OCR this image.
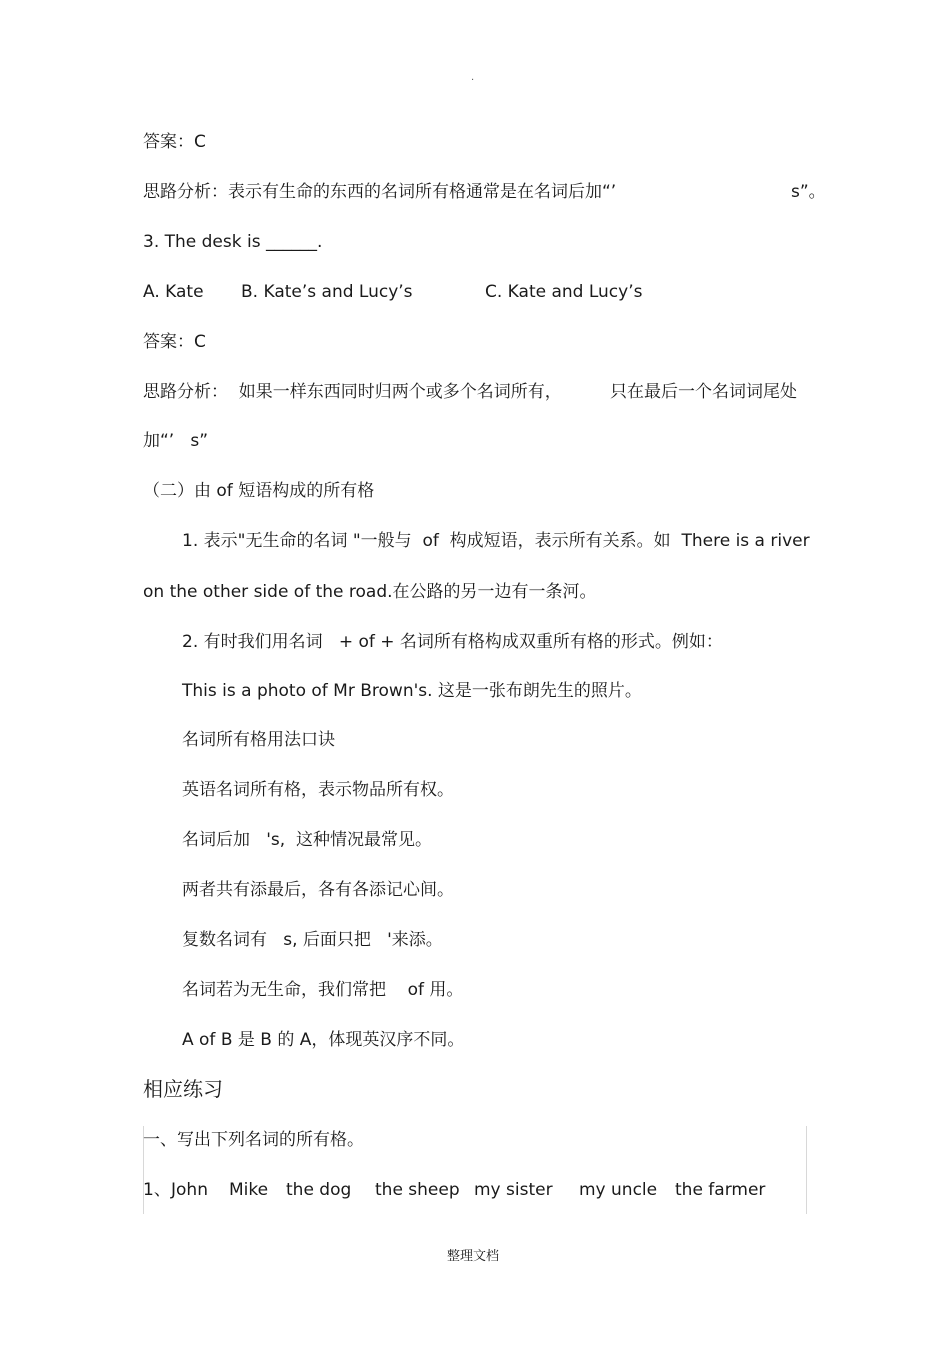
.
答案：C
思路分析：表示有生命的东西的名词所有格通常是在名词后加“’	s”。
3. The desk is ______.
A. Kate B. Kate’s and Lucy’s	C. Kate and Lucy’s
答案：C
思路分析：  如果一样东西同时归两个或多个名词所有，	只在最后一个名词词尾处
加“’   s”
（二）由 of 短语构成的所有格
1. 表示"无生命的名词 "一般与  of  构成短语，表示所有关系。如  There is a river
on the other side of the road.在公路的另一边有一条河。
2. 有时我们用名词   + of + 名词所有格构成双重所有格的形式。例如：
This is a photo of Mr Brown's. 这是一张布朗先生的照片。
名词所有格用法口诀
英语名词所有格，表示物品所有权。
名词后加   's,  这种情况最常见。
两者共有添最后，各有各添记心间。
复数名词有   s, 后面只把   '来添。
名词若为无生命，我们常把    of 用。
A of B 是 B 的 A，体现英汉序不同。
相应练习
一、写出下列名词的所有格。
1、 John Mike the dog the sheep my sister my uncle the farmer
整理文档
